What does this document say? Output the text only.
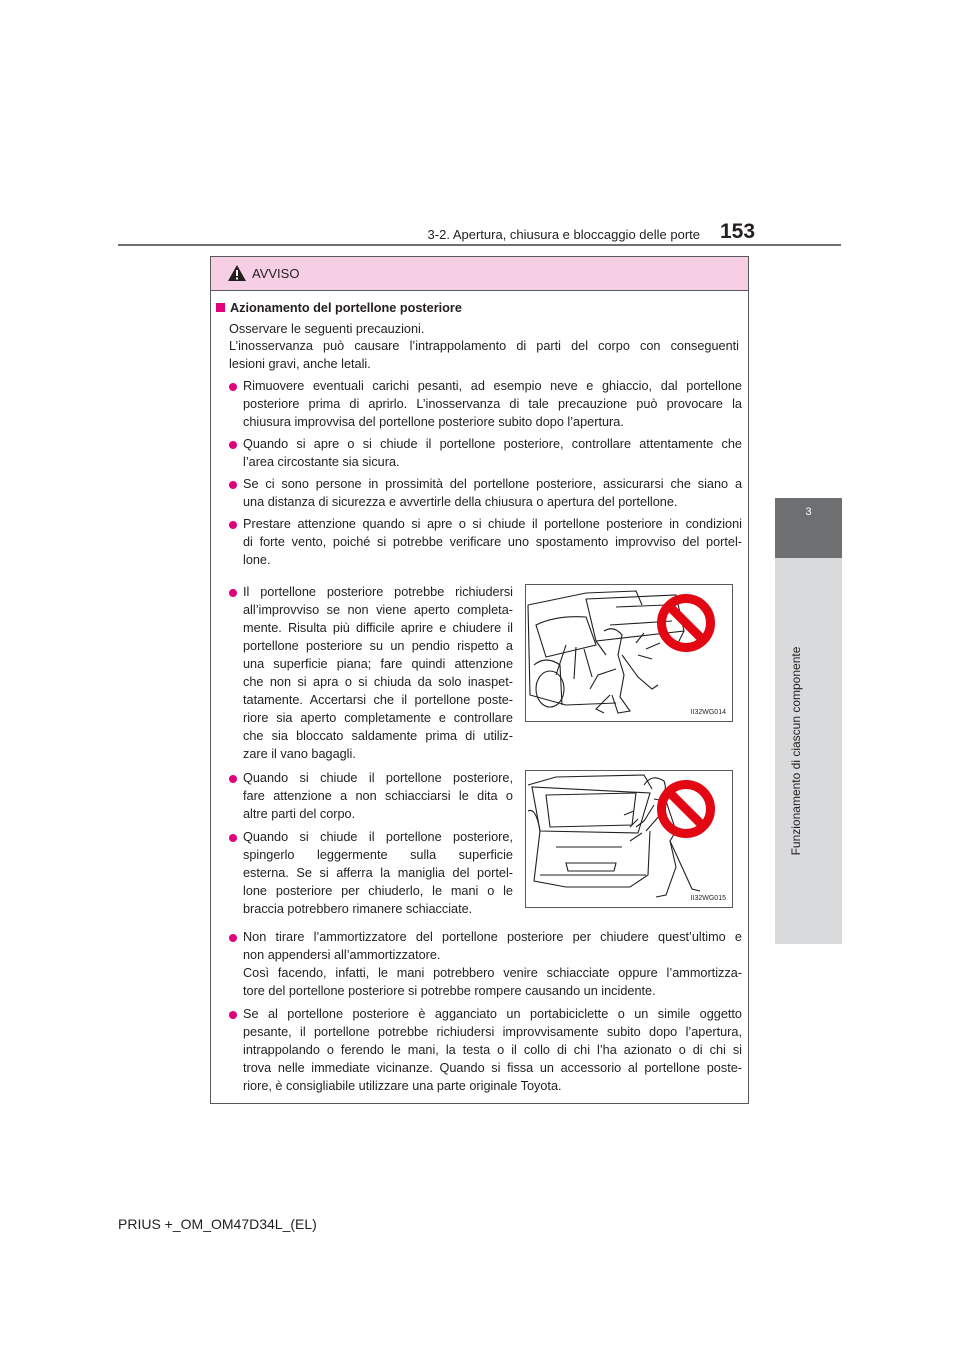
3-2. Apertura, chiusura e bloccaggio delle porte 153
3
Funzionamento di ciascun componente
AVVISO
Azionamento del portellone posteriore
Osservare le seguenti precauzioni.
L’inosservanza può causare l’intrappolamento di parti del corpo con conseguenti
lesioni gravi, anche letali.
Rimuovere eventuali carichi pesanti, ad esempio neve e ghiaccio, dal portellone
posteriore prima di aprirlo. L’inosservanza di tale precauzione può provocare la
chiusura improvvisa del portellone posteriore subito dopo l’apertura.
Quando si apre o si chiude il portellone posteriore, controllare attentamente che
l’area circostante sia sicura.
Se ci sono persone in prossimità del portellone posteriore, assicurarsi che siano a
una distanza di sicurezza e avvertirle della chiusura o apertura del portellone.
Prestare attenzione quando si apre o si chiude il portellone posteriore in condizioni
di forte vento, poiché si potrebbe verificare uno spostamento improvviso del portel-
lone.
Il portellone posteriore potrebbe richiudersi
all’improvviso se non viene aperto completa-
mente. Risulta più difficile aprire e chiudere il
portellone posteriore su un pendio rispetto a
una superficie piana; fare quindi attenzione
che non si apra o si chiuda da solo inaspet-
tatamente. Accertarsi che il portellone poste-
riore sia aperto completamente e controllare
che sia bloccato saldamente prima di utiliz-
zare il vano bagagli.
II32WG014
Quando si chiude il portellone posteriore,
fare attenzione a non schiacciarsi le dita o
altre parti del corpo.
Quando si chiude il portellone posteriore,
spingerlo leggermente sulla superficie
esterna. Se si afferra la maniglia del portel-
lone posteriore per chiuderlo, le mani o le
braccia potrebbero rimanere schiacciate.
II32WG015
Non tirare l’ammortizzatore del portellone posteriore per chiudere quest’ultimo e
non appendersi all’ammortizzatore.
Così facendo, infatti, le mani potrebbero venire schiacciate oppure l’ammortizza-
tore del portellone posteriore si potrebbe rompere causando un incidente.
Se al portellone posteriore è agganciato un portabiciclette o un simile oggetto
pesante, il portellone potrebbe richiudersi improvvisamente subito dopo l’apertura,
intrappolando o ferendo le mani, la testa o il collo di chi l’ha azionato o di chi si
trova nelle immediate vicinanze. Quando si fissa un accessorio al portellone poste-
riore, è consigliabile utilizzare una parte originale Toyota.
PRIUS +_OM_OM47D34L_(EL)
